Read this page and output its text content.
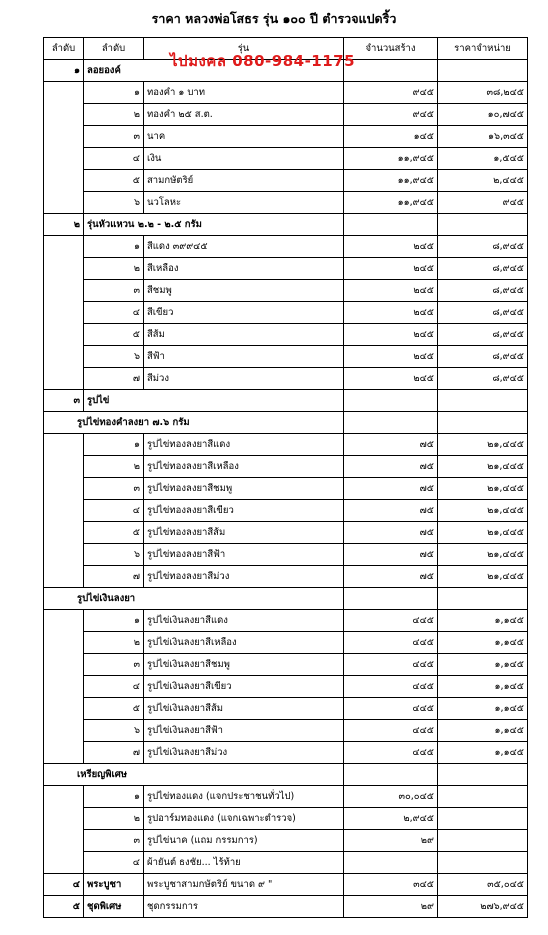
ราคา หลวงพ่อโสธร รุ่น ๑๐๐ ปี ตำรวจแปดริ้ว
ไปมงคล 080-984-1175
ลำดับ	ลำดับ	รุ่น	จำนวนสร้าง	ราคาจำหน่าย
๑	ลอยองค์			
	๑	ทองคำ ๑ บาท	๙๔๕	๓๘,๒๔๕
	๒	ทองคำ ๒๕ ส.ต.	๙๔๕	๑๐,๗๔๕
	๓	นาค	๑๔๕	๑๖,๓๔๕
	๔	เงิน	๑๑,๙๔๕	๑,๕๔๕
	๕	สามกษัตริย์	๑๑,๙๔๕	๒,๔๔๕
	๖	นวโลหะ	๑๑,๙๔๕	๙๔๕
๒	รุ่นหัวแหวน ๒.๒ - ๒.๕ กรัม			
	๑	สีแดง ๓๙๙๔๕	๒๔๕	๘,๙๔๕
	๒	สีเหลือง	๒๔๕	๘,๙๔๕
	๓	สีชมพู	๒๔๕	๘,๙๔๕
	๔	สีเขียว	๒๔๕	๘,๙๔๕
	๕	สีส้ม	๒๔๕	๘,๙๔๕
	๖	สีฟ้า	๒๔๕	๘,๙๔๕
	๗	สีม่วง	๒๔๕	๘,๙๔๕
๓	รูปไข่			
รูปไข่ทองคำลงยา ๗.๖ กรัม				
	๑	รูปไข่ทองลงยาสีแดง	๗๕	๒๑,๔๔๕
	๒	รูปไข่ทองลงยาสีเหลือง	๗๕	๒๑,๔๔๕
	๓	รูปไข่ทองลงยาสีชมพู	๗๕	๒๑,๔๔๕
	๔	รูปไข่ทองลงยาสีเขียว	๗๕	๒๑,๔๔๕
	๕	รูปไข่ทองลงยาสีส้ม	๗๕	๒๑,๔๔๕
	๖	รูปไข่ทองลงยาสีฟ้า	๗๕	๒๑,๔๔๕
	๗	รูปไข่ทองลงยาสีม่วง	๗๕	๒๑,๔๔๕
รูปไข่เงินลงยา				
	๑	รูปไข่เงินลงยาสีแดง	๔๔๕	๑,๑๔๕
	๒	รูปไข่เงินลงยาสีเหลือง	๔๔๕	๑,๑๔๕
	๓	รูปไข่เงินลงยาสีชมพู	๔๔๕	๑,๑๔๕
	๔	รูปไข่เงินลงยาสีเขียว	๔๔๕	๑,๑๔๕
	๕	รูปไข่เงินลงยาสีส้ม	๔๔๕	๑,๑๔๕
	๖	รูปไข่เงินลงยาสีฟ้า	๔๔๕	๑,๑๔๕
	๗	รูปไข่เงินลงยาสีม่วง	๔๔๕	๑,๑๔๕
เหรียญพิเศษ				
	๑	รูปไข่ทองแดง (แจกประชาชนทั่วไป)	๓๐,๐๔๕	
	๒	รูปอาร์มทองแดง (แจกเฉพาะตำรวจ)	๒,๙๔๕	
	๓	รูปไข่นาค (แถม กรรมการ)	๒๙	
	๔	ผ้ายันต์ ธงชัย... ไร้ท้าย		
๔	พระบูชา	พระบูชาสามกษัตริย์ ขนาด ๙ "	๓๔๕	๓๕,๐๔๕
๕	ชุดพิเศษ	ชุดกรรมการ	๒๙	๒๗๖,๙๔๕
